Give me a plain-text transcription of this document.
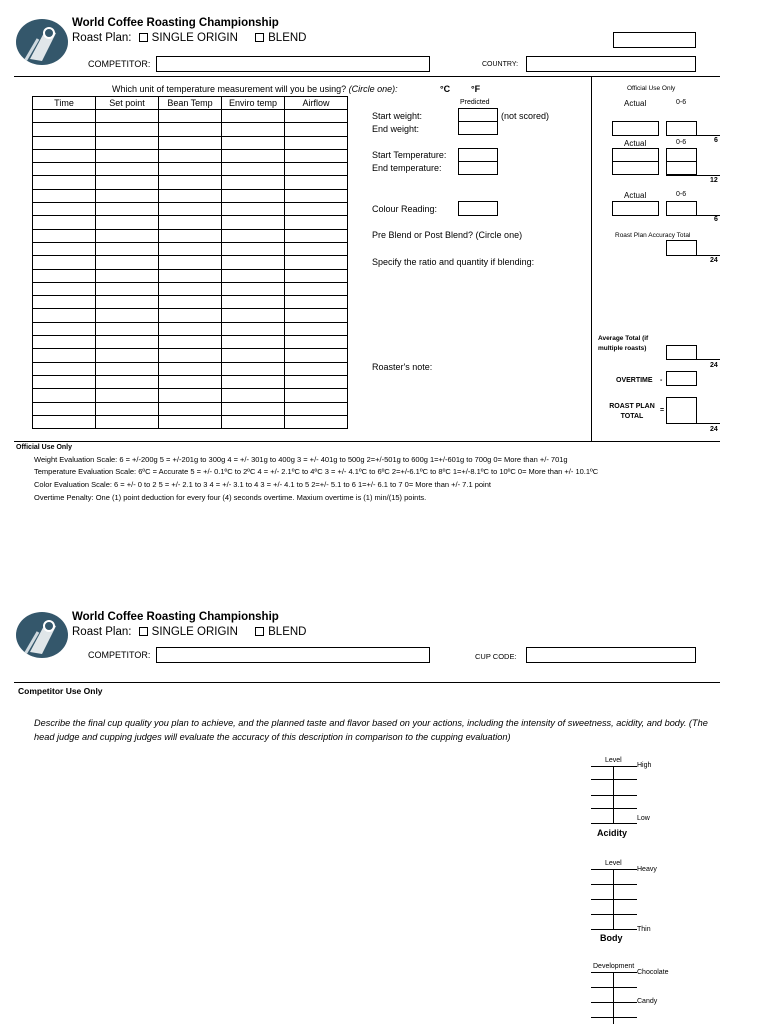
World Coffee Roasting Championship
Roast Plan: SINGLE ORIGIN	BLEND
COMPETITOR:	COUNTRY:
Which unit of temperature measurement will you be using? (Circle one):	°C °F
Time	Set point	Bean Temp	Enviro temp	Airflow

					Predicted
Start weight:
End weight:
(not scored)
Start Temperature:
End temperature:
Colour Reading:
Pre Blend or Post Blend? (Circle one)
Specify the ratio and quantity if blending:
Roaster's note:
Official Use Only
Actual	0-6
6
Actual	0-6
12
Actual	0-6
6
Roast Plan Accuracy Total
24
Average Total (if multiple roasts)
24
OVERTIME -
ROAST PLAN TOTAL
=
24
Official Use Only
Weight Evaluation Scale: 6 = +/-200g 5 = +/-201g to 300g 4 = +/- 301g to 400g 3 = +/- 401g to 500g 2=+/-501g to 600g 1=+/-601g to 700g 0= More than +/- 701g
Temperature Evaluation Scale: 6ºC = Accurate 5 = +/- 0.1ºC to 2ºC 4 = +/- 2.1ºC to 4ºC 3 = +/- 4.1ºC to 6ºC 2=+/-6.1ºC to 8ºC 1=+/-8.1ºC to 10ºC 0= More than +/- 10.1ºC
Color Evaluation Scale: 6 = +/- 0 to 2 5 = +/- 2.1 to 3 4 = +/- 3.1 to 4 3 = +/- 4.1 to 5 2=+/- 5.1 to 6 1=+/- 6.1 to 7 0= More than +/- 7.1 point
Overtime Penalty: One (1) point deduction for every four (4) seconds overtime. Maxium overtime is (1) min/(15) points.
World Coffee Roasting Championship
Roast Plan: SINGLE ORIGIN	BLEND
COMPETITOR:	CUP CODE:
Competitor Use Only
Describe the final cup quality you plan to achieve, and the planned taste and flavor based on your actions, including the intensity of sweetness, acidity, and body. (The head judge and cupping judges will evaluate the accuracy of this description in comparison to the cupping evaluation)
Level
High
Low
Acidity
Level
Heavy
Thin
Body
Development
Chocolate
Candy
